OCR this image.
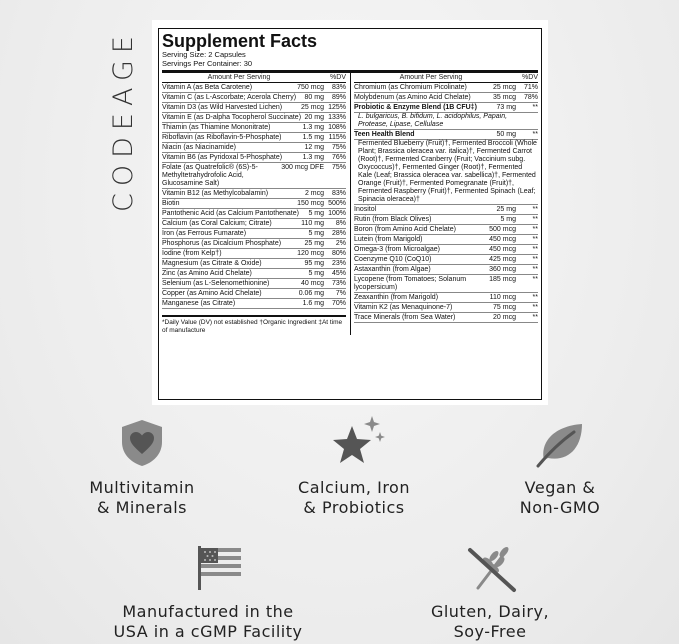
CODEAGE Supplement Facts
Serving Size: 2 Capsules
Servings Per Container: 30
Amount Per Serving	%DV
Vitamin A (as Beta Carotene)	750 mcg	83%
Vitamin C (as L-Ascorbate; Acerola Cherry)	80 mg	89%
Vitamin D3 (as Wild Harvested Lichen)	25 mcg 125%
Vitamin E (as D-alpha Tocopherol Succinate) 20 mg 133%
Thiamin (as Thiamine Mononitrate)	1.3 mg 108%
Riboflavin (as Riboflavin-5-Phosphate)	1.5 mg 115%
Niacin (as Niacinamide)	12 mg	75%
Vitamin B6 (as Pyridoxal 5-Phosphate)	1.3 mg	76%
Folate (as Quatrefolic® (6S)-5-Methyltetrahydrofolic Acid, Glucosamine Salt)
300 mcg DFE	75%
Vitamin B12 (as Methylcobalamin)	2 mcg	83%
Biotin	150 mcg 500%
Pantothenic Acid (as Calcium Pantothenate)	5 mg 100%
Calcium (as Coral Calcium; Citrate)	110 mg	8%
Iron (as Ferrous Fumarate)	5 mg	28%
Phosphorus (as Dicalcium Phosphate)	25 mg	2%
Iodine (from Kelp†)	120 mcg	80%
Magnesium (as Citrate & Oxide)	95 mg	23%
Zinc (as Amino Acid Chelate)	5 mg	45%
Selenium (as L-Selenomethionine)	40 mcg	73%
Copper (as Amino Acid Chelate)	0.06 mg	7%
Manganese (as Citrate)	1.6 mg	70%
*Daily Value (DV) not established †Organic Ingredient ‡At time of manufacture
Amount Per Serving	%DV
Chromium (as Chromium Picolinate)	25 mcg	71%
Molybdenum (as Amino Acid Chelate)	35 mcg	78%
Probiotic & Enzyme Blend (1B CFU‡)	73 mg	**
L. bulgaricus, B. bifidum, L. acidophilus, Papain, Protease, Lipase, Cellulase
Teen Health Blend	50 mg	**
Fermented Blueberry (Fruit)†, Fermented Broccoli (Whole Plant; Brassica oleracea var. italica)†, Fermented Carrot (Root)†, Fermented Cranberry (Fruit; Vaccinium subg. Oxycoccus)†, Fermented Ginger (Root)†, Fermented Kale (Leaf; Brassica oleracea var. sabellica)†, Fermented Orange (Fruit)†, Fermented Pomegranate (Fruit)†, Fermented Raspberry (Fruit)†, Fermented Spinach (Leaf; Spinacia oleracea)†
Inositol	25 mg	**
Rutin (from Black Olives)	5 mg	**
Boron (from Amino Acid Chelate)	500 mcg	**
Lutein (from Marigold)	450 mcg	**
Omega-3 (from Microalgae)	450 mcg	**
Coenzyme Q10 (CoQ10)	425 mcg	**
Astaxanthin (from Algae)	360 mcg	**
Lycopene (from Tomatoes; Solanum lycopersicum)
185 mcg	**
Zeaxanthin (from Marigold)	110 mcg	**
Vitamin K2 (as Menaquinone-7)	75 mcg	**
Trace Minerals (from Sea Water)	20 mcg	**
Multivitamin
& Minerals
Calcium, Iron
& Probiotics
Vegan &
Non-GMO
Manufactured in the
USA in a cGMP Facility
Gluten, Dairy,
Soy-Free
